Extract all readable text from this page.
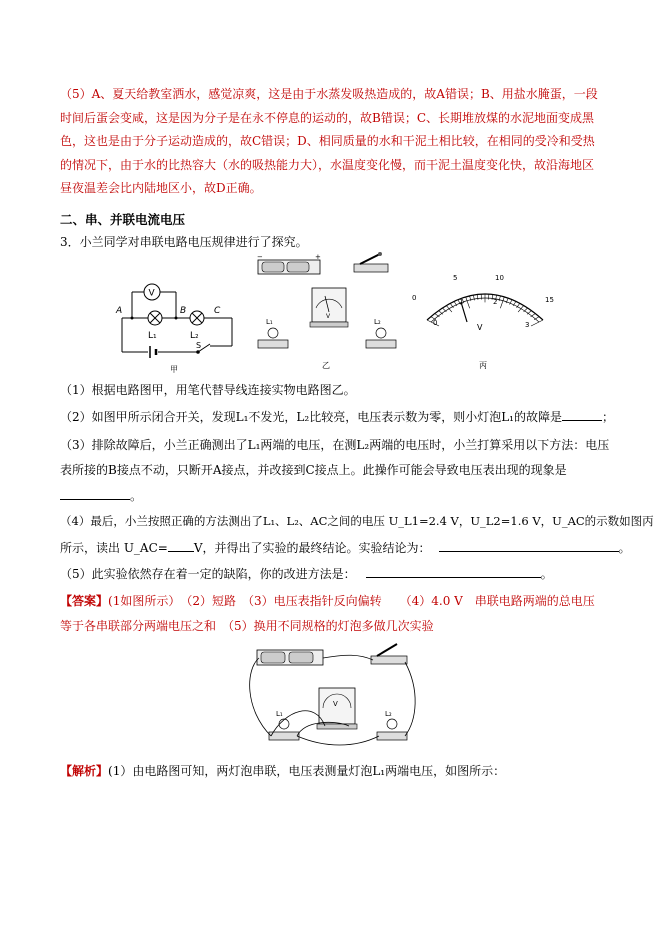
（5）A、夏天给教室洒水，感觉凉爽，这是由于水蒸发吸热造成的，故A错误；B、用盐水腌蛋，一段时间后蛋会变咸，这是因为分子是在永不停息的运动的，故B错误；C、长期堆放煤的水泥地面变成黑色，这也是由于分子运动造成的，故C错误；D、相同质量的水和干泥土相比较，在相同的受冷和受热的情况下，由于水的比热容大（水的吸热能力大），水温度变化慢，而干泥土温度变化快，故沿海地区昼夜温差会比内陆地区小，故D正确。
二、串、并联电流电压
3．小兰同学对串联电路电压规律进行了探究。
V
A	B	C
L₁	L₂
S
甲
−	+
V
L₁	L₂
乙
0
5	10
15
0
1	2
3
V
丙
（1）根据电路图甲，用笔代替导线连接实物电路图乙。
（2）如图甲所示闭合开关，发现L₁不发光，L₂比较亮，电压表示数为零，则小灯泡L₁的故障是	；
（3）排除故障后，小兰正确测出了L₁两端的电压，在测L₂两端的电压时，小兰打算采用以下方法：电压
表所接的B接点不动，只断开A接点，并改接到C接点上。此操作可能会导致电压表出现的现象是
。
（4）最后，小兰按照正确的方法测出了L₁、L₂、AC之间的电压 U_L1=2.4 V，U_L2=1.6 V，U_AC的示数如图丙
所示，读出 U_AC= V，并得出了实验的最终结论。实验结论为：	。
（5）此实验依然存在着一定的缺陷，你的改进方法是：	。
【答案】(1如图所示）　（2）短路　（3）电压表指针反向偏转　　（4）4.0 V　串联电路两端的总电压
等于各串联部分两端电压之和　（5）换用不同规格的灯泡多做几次实验
V
L₁	L₂
【解析】(1）由电路图可知，两灯泡串联，电压表测量灯泡L₁两端电压，如图所示：
